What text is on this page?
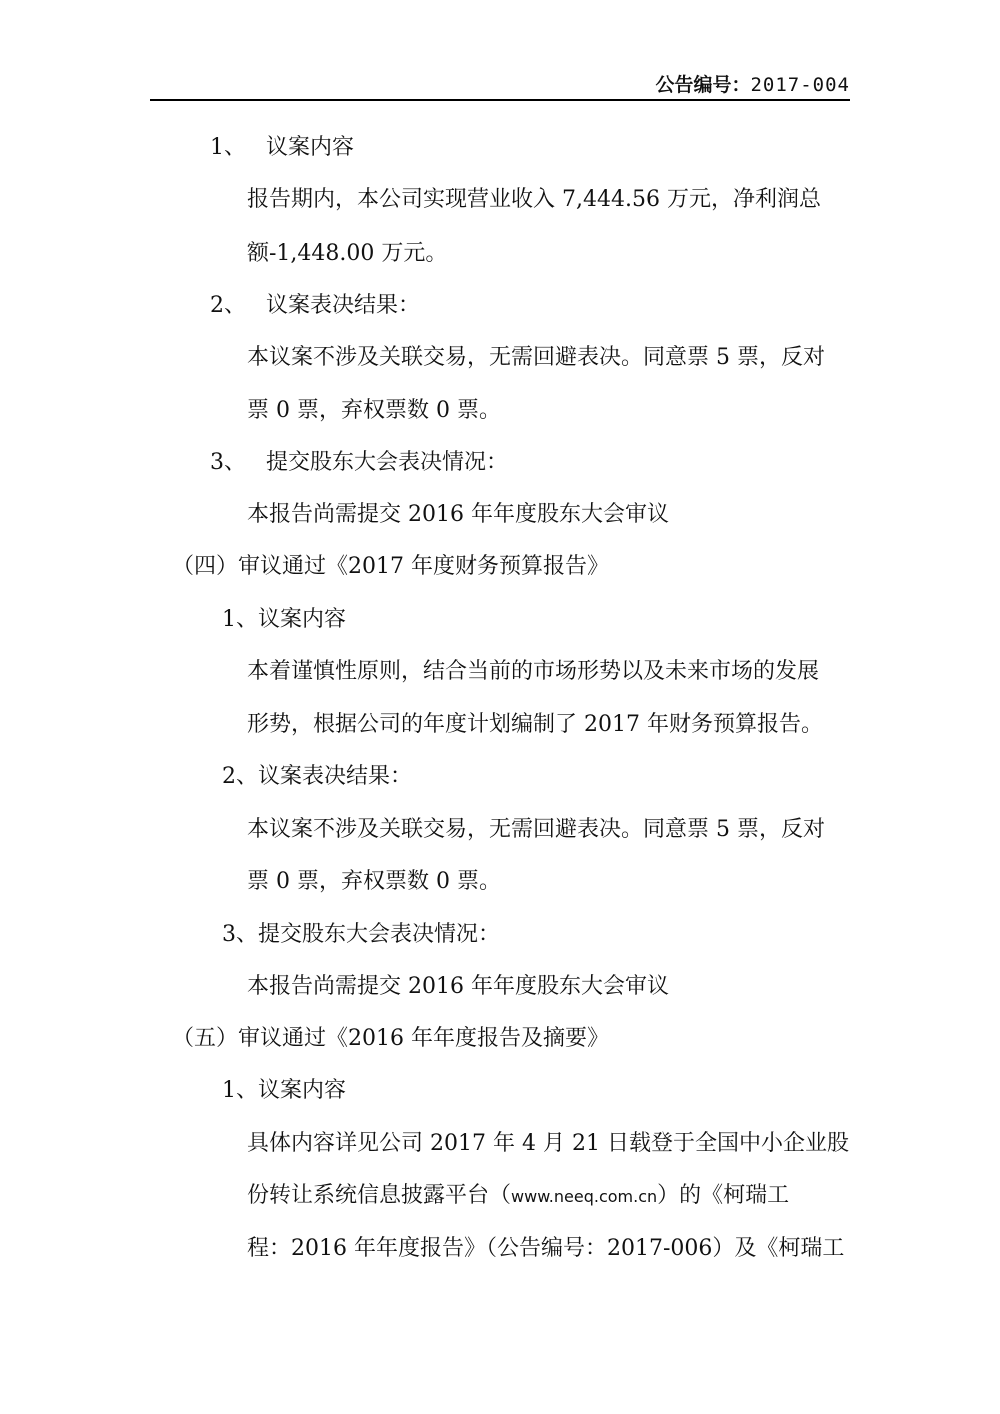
公告编号：2017-004
1、 议案内容
报告期内，本公司实现营业收入 7,444.56 万元，净利润总
额-1,448.00 万元。
2、 议案表决结果：
本议案不涉及关联交易，无需回避表决。同意票 5 票，反对
票 0 票，弃权票数 0 票。
3、 提交股东大会表决情况：
本报告尚需提交 2016 年年度股东大会审议
（四）审议通过《2017 年度财务预算报告》
1、议案内容
本着谨慎性原则，结合当前的市场形势以及未来市场的发展
形势，根据公司的年度计划编制了 2017 年财务预算报告。
2、议案表决结果：
本议案不涉及关联交易，无需回避表决。同意票 5 票，反对
票 0 票，弃权票数 0 票。
3、提交股东大会表决情况：
本报告尚需提交 2016 年年度股东大会审议
（五）审议通过《2016 年年度报告及摘要》
1、议案内容
具体内容详见公司 2017 年 4 月 21 日载登于全国中小企业股
份转让系统信息披露平台（www.neeq.com.cn）的《柯瑞工
程：2016 年年度报告》（公告编号：2017-006）及《柯瑞工
